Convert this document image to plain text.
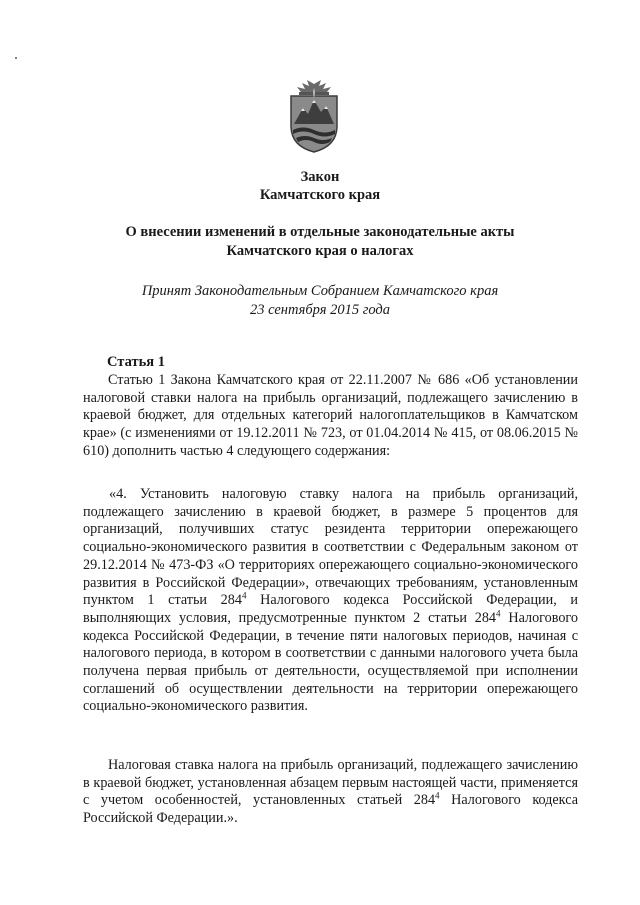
Закон
Камчатского края
О внесении изменений в отдельные законодательные акты
Камчатского края о налогах
Принят Законодательным Собранием Камчатского края
23 сентября 2015 года
Статья 1
Статью 1 Закона Камчатского края от 22.11.2007 № 686 «Об установлении налоговой ставки налога на прибыль организаций, подлежащего зачислению в краевой бюджет, для отдельных категорий налогоплательщиков в Камчатском крае» (с изменениями от 19.12.2011 № 723, от 01.04.2014 № 415, от 08.06.2015 № 610) дополнить частью 4 следующего содержания:
«4. Установить налоговую ставку налога на прибыль организаций, подлежащего зачислению в краевой бюджет, в размере 5 процентов для организаций, получивших статус резидента территории опережающего социально-экономического развития в соответствии с Федеральным законом от 29.12.2014 № 473-ФЗ «О территориях опережающего социально-экономического развития в Российской Федерации», отвечающих требованиям, установленным пунктом 1 статьи $284^4$ Налогового кодекса Российской Федерации, и выполняющих условия, предусмотренные пунктом 2 статьи $284^4$ Налогового кодекса Российской Федерации, в течение пяти налоговых периодов, начиная с налогового периода, в котором в соответствии с данными налогового учета была получена первая прибыль от деятельности, осуществляемой при исполнении соглашений об осуществлении деятельности на территории опережающего социально-экономического развития.
Налоговая ставка налога на прибыль организаций, подлежащего зачислению в краевой бюджет, установленная абзацем первым настоящей части, применяется с учетом особенностей, установленных статьей $284^4$ Налогового кодекса Российской Федерации.».
